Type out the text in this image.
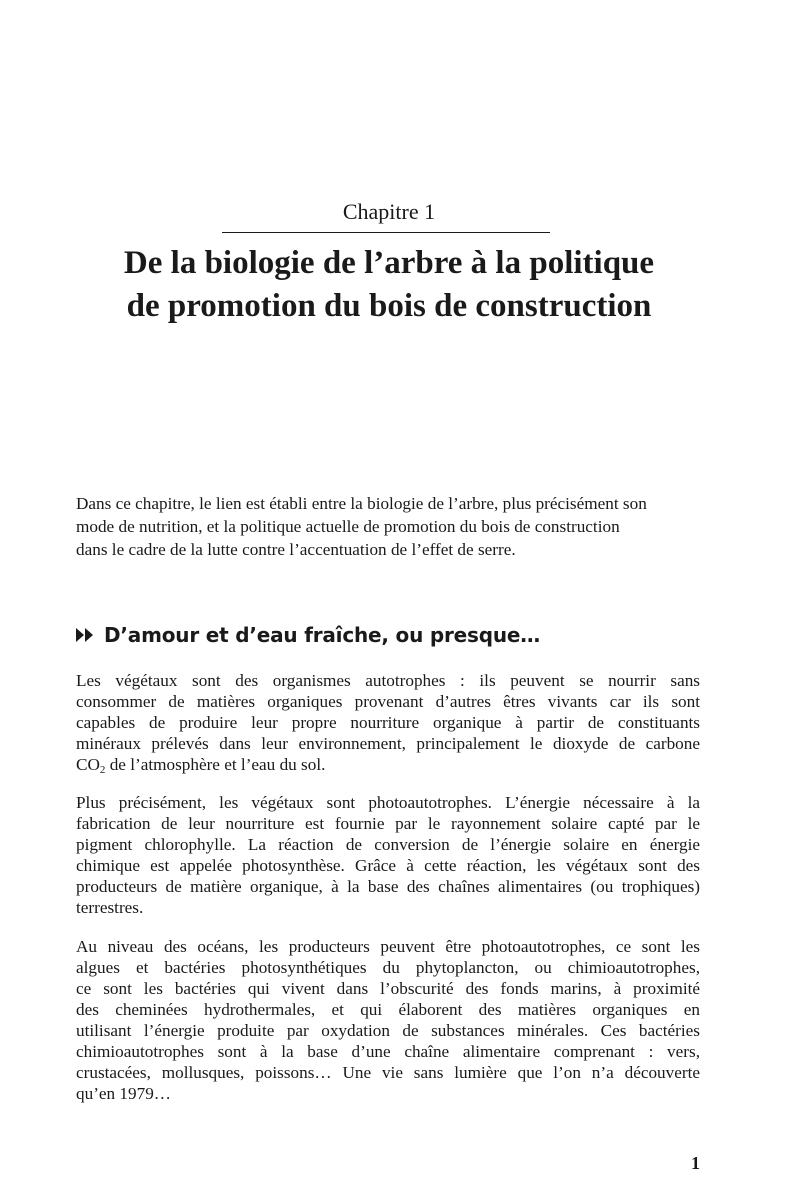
Chapitre 1
De la biologie de l’arbre à la politique
de promotion du bois de construction

Dans ce chapitre, le lien est établi entre la biologie de l’arbre, plus précisément son
mode de nutrition, et la politique actuelle de promotion du bois de construction
dans le cadre de la lutte contre l’accentuation de l’effet de serre.

D’amour et d’eau fraîche, ou presque…

Les végétaux sont des organismes autotrophes : ils peuvent se nourrir sans
consommer de matières organiques provenant d’autres êtres vivants car ils sont
capables de produire leur propre nourriture organique à partir de constituants
minéraux prélevés dans leur environnement, principalement le dioxyde de carbone
$CO_2$ de l’atmosphère et l’eau du sol.

Plus précisément, les végétaux sont photoautotrophes. L’énergie nécessaire à la
fabrication de leur nourriture est fournie par le rayonnement solaire capté par le
pigment chlorophylle. La réaction de conversion de l’énergie solaire en énergie
chimique est appelée photosynthèse. Grâce à cette réaction, les végétaux sont des
producteurs de matière organique, à la base des chaînes alimentaires (ou trophiques)
terrestres.

Au niveau des océans, les producteurs peuvent être photoautotrophes, ce sont les
algues et bactéries photosynthétiques du phytoplancton, ou chimioautotrophes,
ce sont les bactéries qui vivent dans l’obscurité des fonds marins, à proximité
des cheminées hydrothermales, et qui élaborent des matières organiques en
utilisant l’énergie produite par oxydation de substances minérales. Ces bactéries
chimioautotrophes sont à la base d’une chaîne alimentaire comprenant : vers,
crustacées, mollusques, poissons… Une vie sans lumière que l’on n’a découverte
qu’en 1979…

1
